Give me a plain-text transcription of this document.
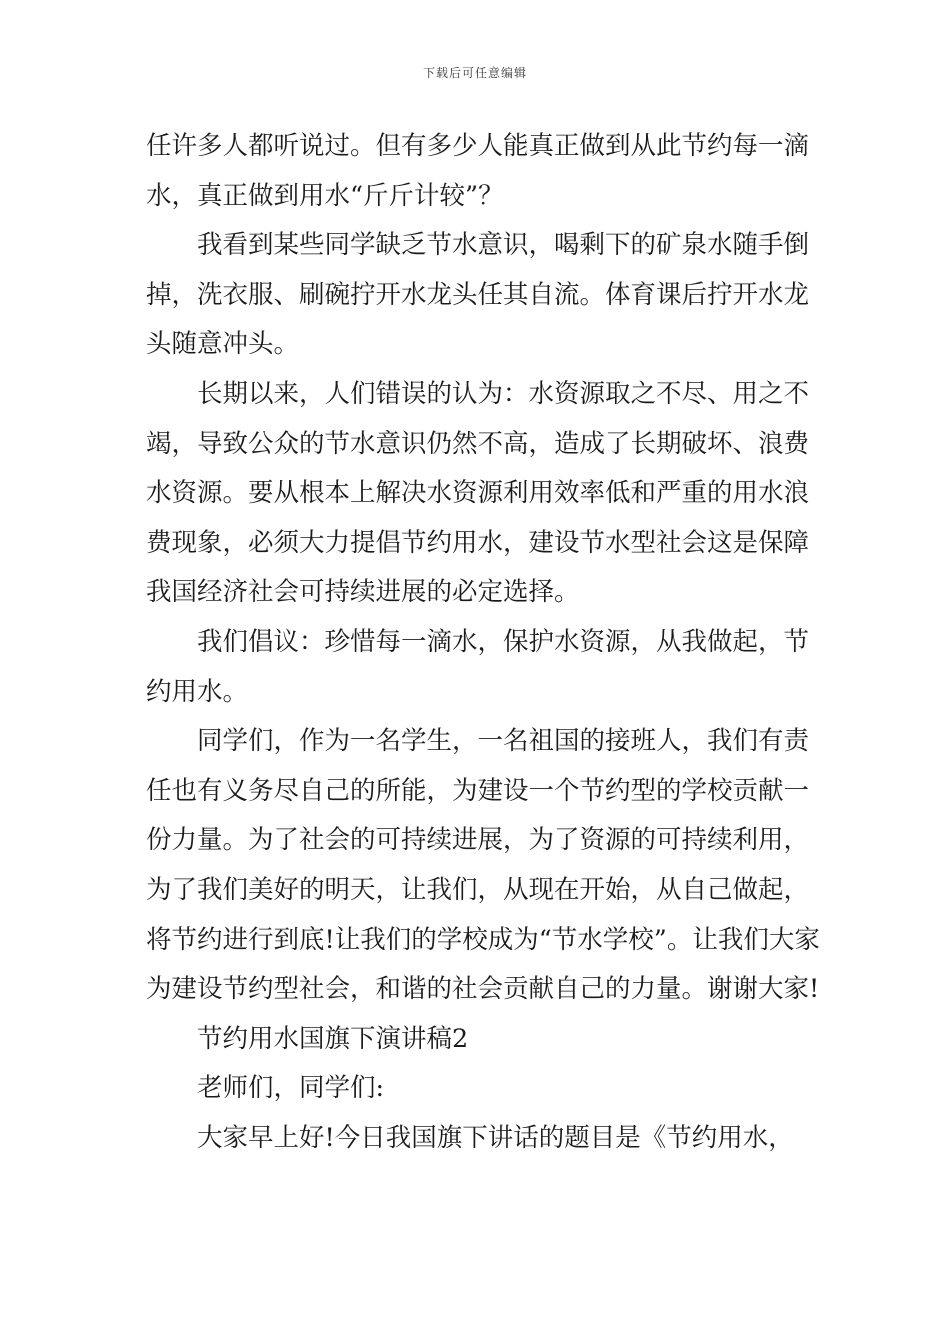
下载后可任意编辑

任许多人都听说过。但有多少人能真正做到从此节约每一滴水，真正做到用水“斤斤计较”？

我看到某些同学缺乏节水意识，喝剩下的矿泉水随手倒掉，洗衣服、刷碗拧开水龙头任其自流。体育课后拧开水龙头随意冲头。

长期以来，人们错误的认为：水资源取之不尽、用之不竭，导致公众的节水意识仍然不高，造成了长期破坏、浪费水资源。要从根本上解决水资源利用效率低和严重的用水浪费现象，必须大力提倡节约用水，建设节水型社会这是保障我国经济社会可持续进展的必定选择。

我们倡议：珍惜每一滴水，保护水资源，从我做起，节约用水。

同学们，作为一名学生，一名祖国的接班人，我们有责任也有义务尽自己的所能，为建设一个节约型的学校贡献一份力量。为了社会的可持续进展，为了资源的可持续利用，为了我们美好的明天，让我们，从现在开始，从自己做起，将节约进行到底!让我们的学校成为“节水学校”。让我们大家为建设节约型社会，和谐的社会贡献自己的力量。谢谢大家!

节约用水国旗下演讲稿2

老师们，同学们:

大家早上好!今日我国旗下讲话的题目是《节约用水，
